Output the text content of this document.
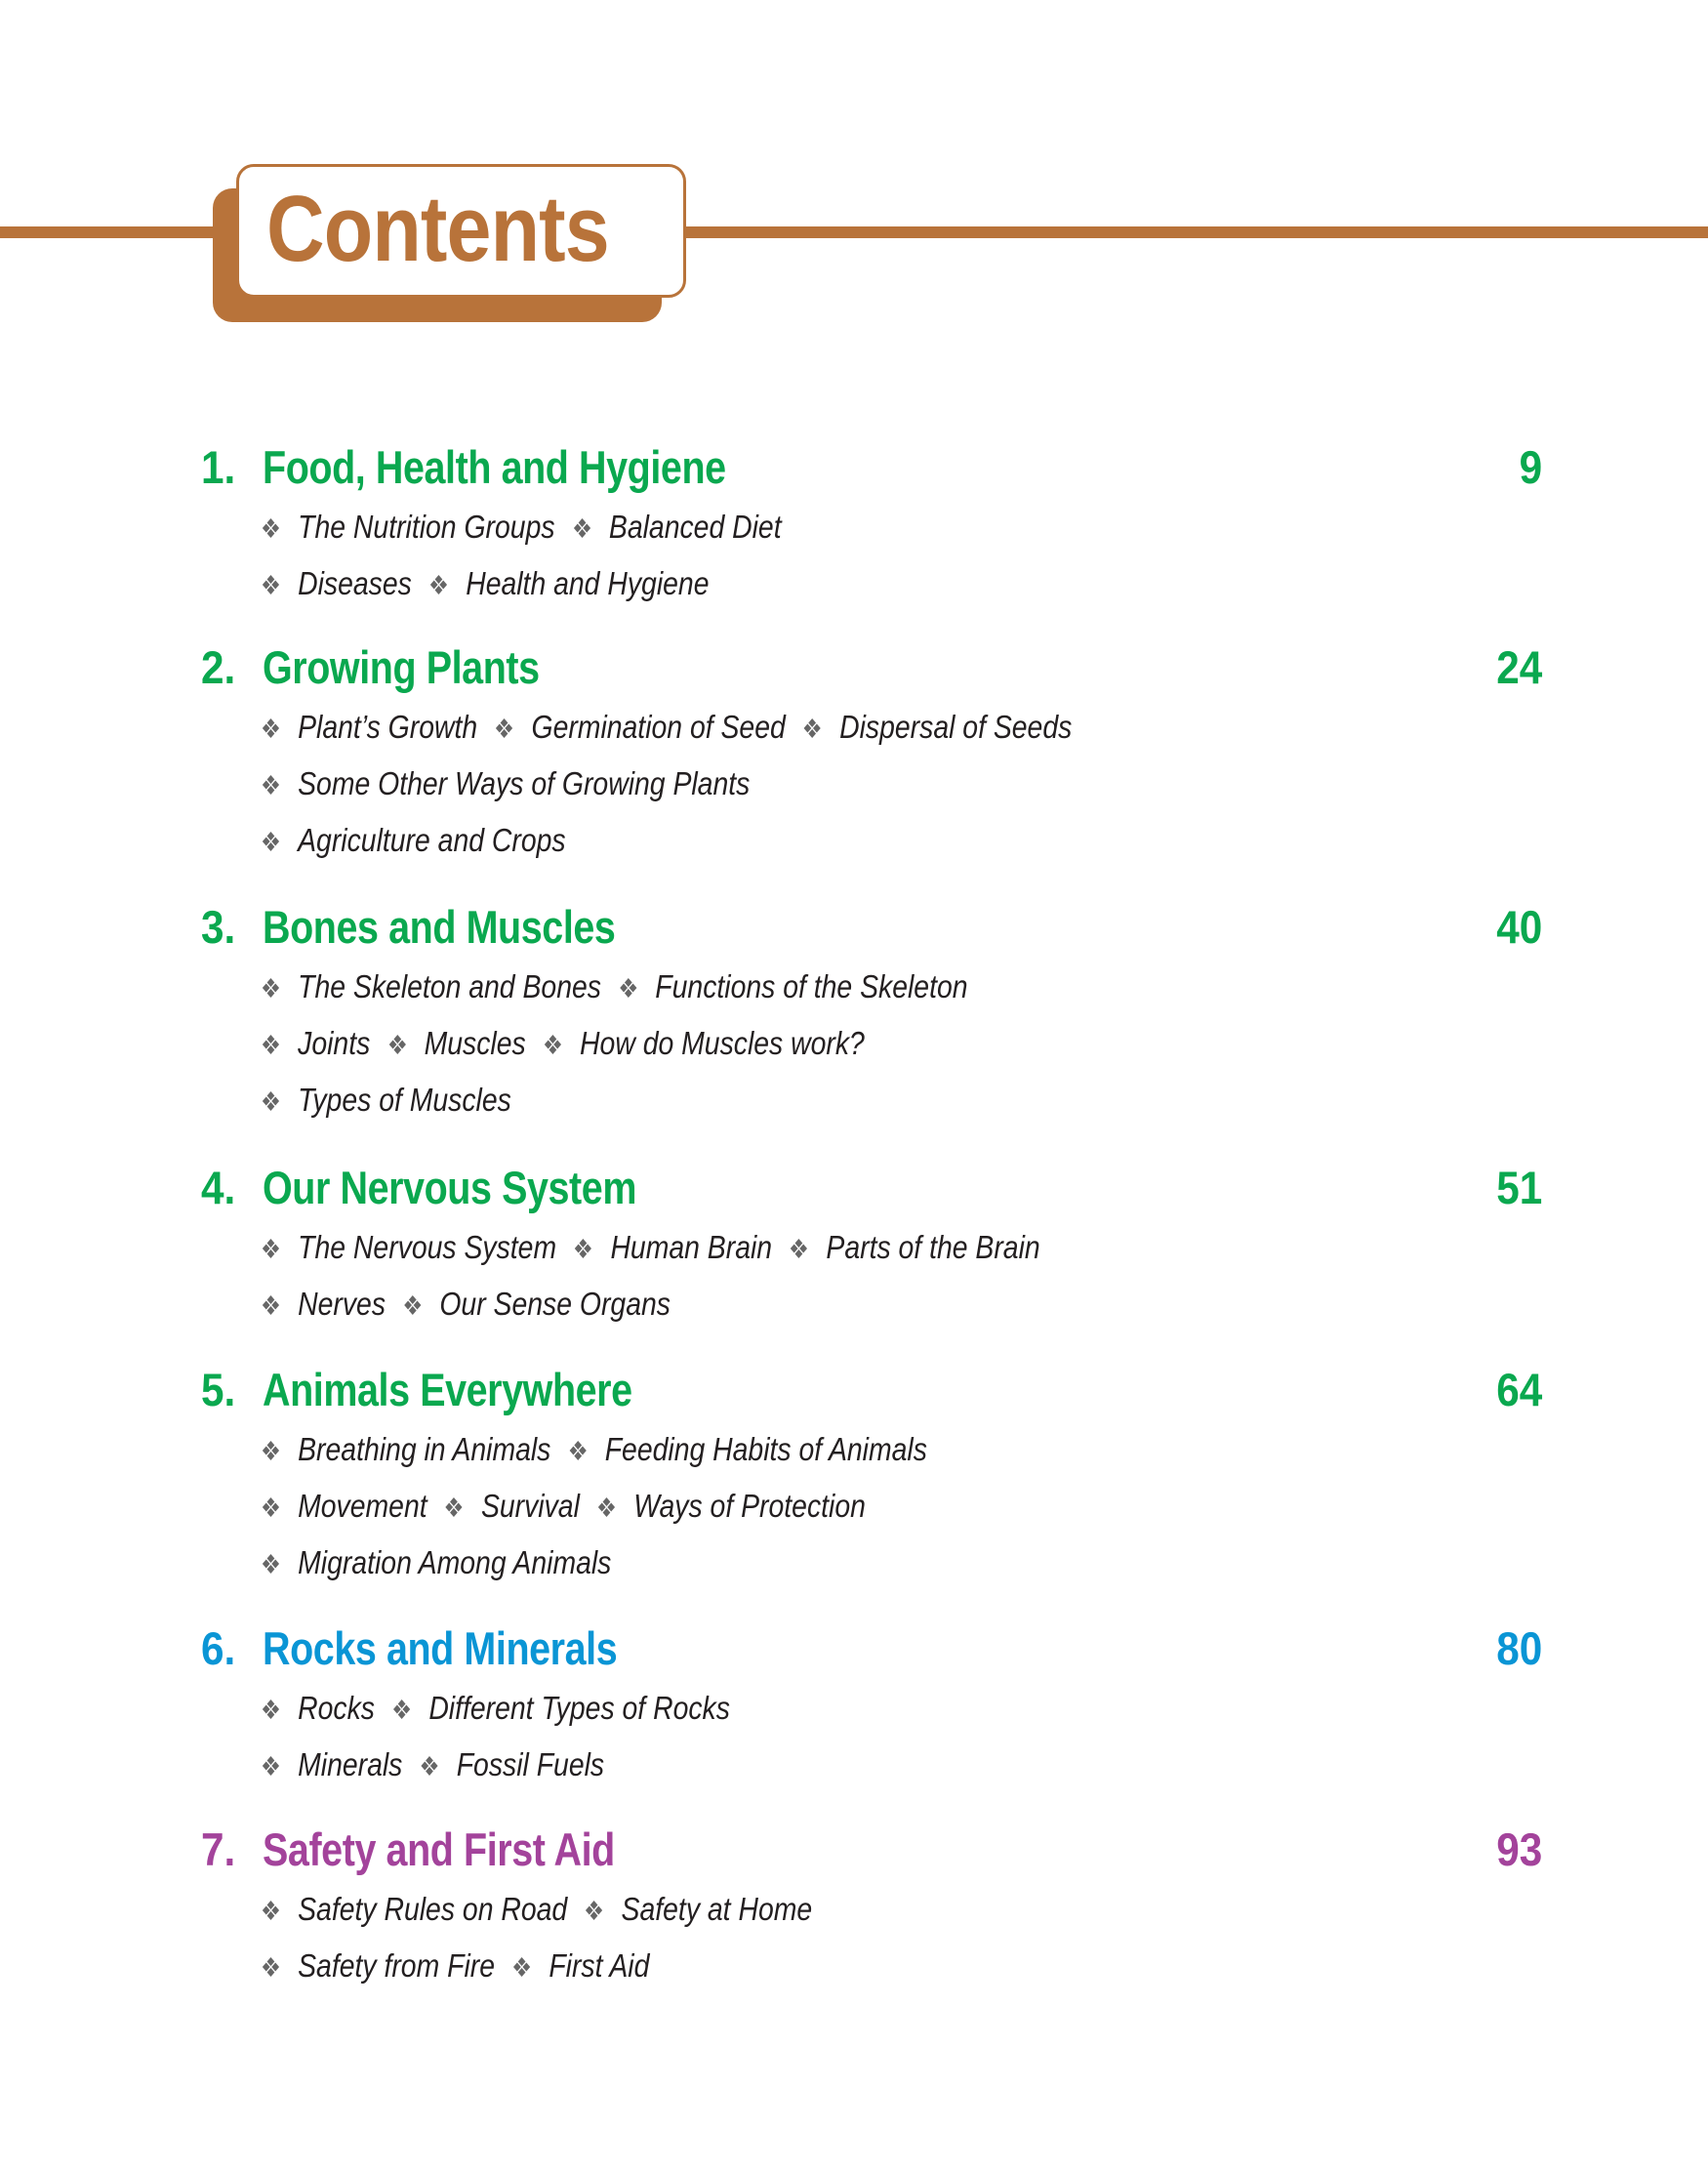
Contents
1. Food, Health and Hygiene	9
The Nutrition Groups Balanced Diet
Diseases Health and Hygiene
2. Growing Plants	24
Plant’s Growth Germination of Seed Dispersal of Seeds
Some Other Ways of Growing Plants
Agriculture and Crops
3. Bones and Muscles	40
The Skeleton and Bones Functions of the Skeleton
Joints Muscles How do Muscles work?
Types of Muscles
4. Our Nervous System	51
The Nervous System Human Brain Parts of the Brain
Nerves Our Sense Organs
5. Animals Everywhere	64
Breathing in Animals Feeding Habits of Animals
Movement Survival Ways of Protection
Migration Among Animals
6. Rocks and Minerals	80
Rocks Different Types of Rocks
Minerals Fossil Fuels
7. Safety and First Aid	93
Safety Rules on Road Safety at Home
Safety from Fire First Aid
